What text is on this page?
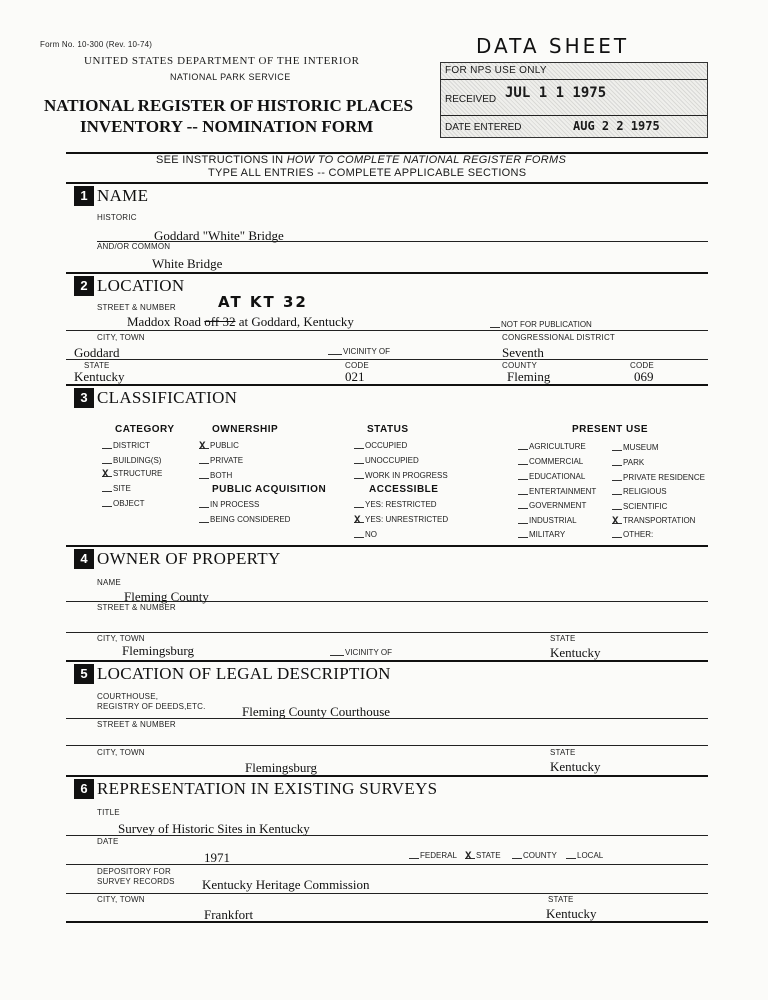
Form No. 10-300 (Rev. 10-74)
UNITED STATES DEPARTMENT OF THE INTERIOR
NATIONAL PARK SERVICE
NATIONAL REGISTER OF HISTORIC PLACES
INVENTORY -- NOMINATION FORM
DATA SHEET
FOR NPS USE ONLY
RECEIVED JUL 1 1 1975
DATE ENTERED	AUG 2 2 1975
SEE INSTRUCTIONS IN HOW TO COMPLETE NATIONAL REGISTER FORMS
TYPE ALL ENTRIES -- COMPLETE APPLICABLE SECTIONS
1 NAME
HISTORIC
Goddard "White" Bridge
AND/OR COMMON
White Bridge
2 LOCATION
STREET & NUMBER	AT KT 32
Maddox Road off 32 at Goddard, Kentucky	NOT FOR PUBLICATION
CITY, TOWN	CONGRESSIONAL DISTRICT
Goddard	VICINITY OF	Seventh
STATE	CODE	COUNTY	CODE
Kentucky	021	Fleming	069
3 CLASSIFICATION
CATEGORY	OWNERSHIP	STATUS	PRESENT USE
DISTRICT
BUILDING(S)
X STRUCTURE
SITE
OBJECT
X PUBLIC
PRIVATE
BOTH
PUBLIC ACQUISITION
IN PROCESS
BEING CONSIDERED
OCCUPIED
UNOCCUPIED
WORK IN PROGRESS
ACCESSIBLE
YES: RESTRICTED
X YES: UNRESTRICTED
NO
AGRICULTURE
COMMERCIAL
EDUCATIONAL
ENTERTAINMENT
GOVERNMENT
INDUSTRIAL
MILITARY
MUSEUM
PARK
PRIVATE RESIDENCE
RELIGIOUS
SCIENTIFIC
X TRANSPORTATION
OTHER:
4 OWNER OF PROPERTY
NAME
Fleming County
STREET & NUMBER
CITY, TOWN	STATE
Flemingsburg	VICINITY OF	Kentucky
5 LOCATION OF LEGAL DESCRIPTION
COURTHOUSE,
REGISTRY OF DEEDS,ETC.	Fleming County Courthouse
STREET & NUMBER
CITY, TOWN	STATE
Flemingsburg	Kentucky
6 REPRESENTATION IN EXISTING SURVEYS
TITLE
Survey of Historic Sites in Kentucky
DATE
1971	FEDERAL X STATE	COUNTY	LOCAL
DEPOSITORY FOR
SURVEY RECORDS Kentucky Heritage Commission
CITY, TOWN	STATE
Frankfort	Kentucky
